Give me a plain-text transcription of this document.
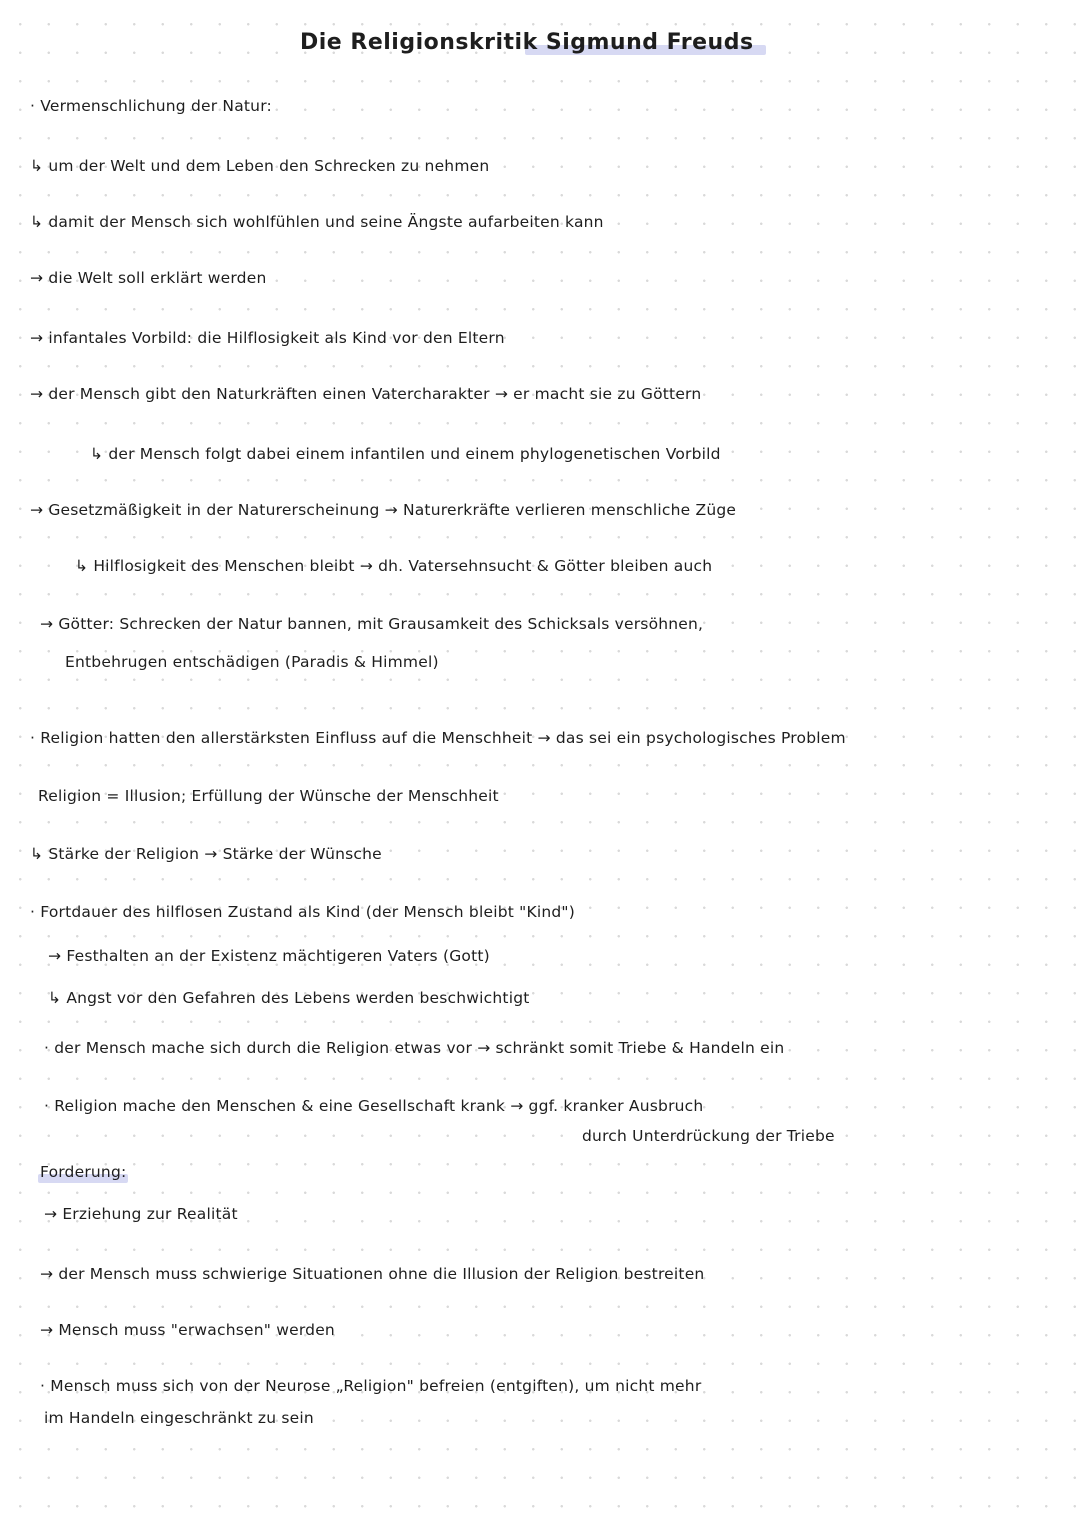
Die Religionskritik Sigmund Freuds
· Vermenschlichung der Natur:
↳ um der Welt und dem Leben den Schrecken zu nehmen
↳ damit der Mensch sich wohlfühlen und seine Ängste aufarbeiten kann
→ die Welt soll erklärt werden
→ infantales Vorbild: die Hilflosigkeit als Kind vor den Eltern
→ der Mensch gibt den Naturkräften einen Vatercharakter → er macht sie zu Göttern
↳ der Mensch folgt dabei einem infantilen und einem phylogenetischen Vorbild
→ Gesetzmäßigkeit in der Naturerscheinung → Naturerkräfte verlieren menschliche Züge
↳ Hilflosigkeit des Menschen bleibt → dh. Vatersehnsucht & Götter bleiben auch
→ Götter: Schrecken der Natur bannen, mit Grausamkeit des Schicksals versöhnen,
Entbehrugen entschädigen (Paradis & Himmel)
· Religion hatten den allerstärksten Einfluss auf die Menschheit → das sei ein psychologisches Problem
Religion = Illusion; Erfüllung der Wünsche der Menschheit
↳ Stärke der Religion → Stärke der Wünsche
· Fortdauer des hilflosen Zustand als Kind (der Mensch bleibt "Kind")
→ Festhalten an der Existenz mächtigeren Vaters (Gott)
↳ Angst vor den Gefahren des Lebens werden beschwichtigt
· der Mensch mache sich durch die Religion etwas vor → schränkt somit Triebe & Handeln ein
· Religion mache den Menschen & eine Gesellschaft krank → ggf. kranker Ausbruch
durch Unterdrückung der Triebe
Forderung:
→ Erziehung zur Realität
→ der Mensch muss schwierige Situationen ohne die Illusion der Religion bestreiten
→ Mensch muss "erwachsen" werden
· Mensch muss sich von der Neurose „Religion" befreien (entgiften), um nicht mehr
im Handeln eingeschränkt zu sein
